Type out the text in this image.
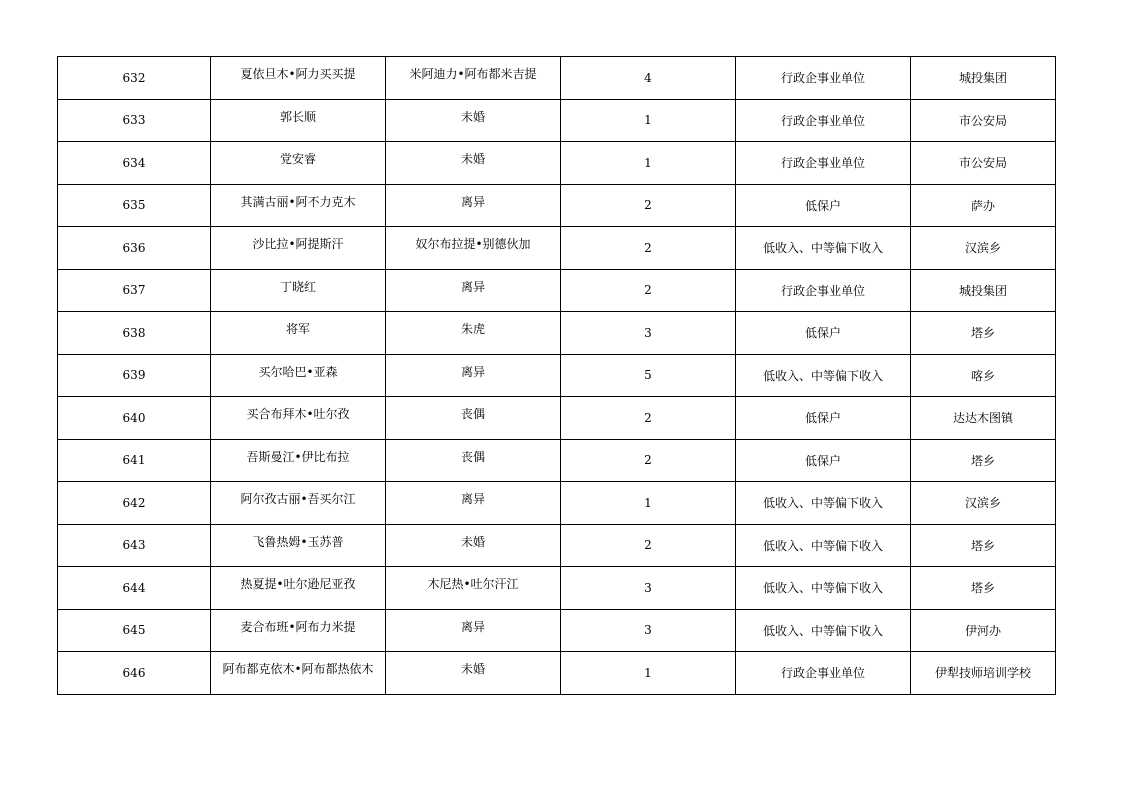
632	夏依旦木•阿力买买提	米阿迪力•阿布都米吉提	4	行政企事业单位	城投集团
633	郭长顺	未婚	1	行政企事业单位	市公安局
634	党安睿	未婚	1	行政企事业单位	市公安局
635	其满古丽•阿不力克木	离异	2	低保户	萨办
636	沙比拉•阿提斯汗	奴尔布拉提•别德伙加	2	低收入、中等偏下收入	汉滨乡
637	丁晓红	离异	2	行政企事业单位	城投集团
638	将军	朱虎	3	低保户	塔乡
639	买尔哈巴•亚森	离异	5	低收入、中等偏下收入	喀乡
640	买合布拜木•吐尔孜	丧偶	2	低保户	达达木图镇
641	吾斯曼江•伊比布拉	丧偶	2	低保户	塔乡
642	阿尔孜古丽•吾买尔江	离异	1	低收入、中等偏下收入	汉滨乡
643	飞鲁热姆•玉苏普	未婚	2	低收入、中等偏下收入	塔乡
644	热夏提•吐尔逊尼亚孜	木尼热•吐尔汗江	3	低收入、中等偏下收入	塔乡
645	麦合布班•阿布力米提	离异	3	低收入、中等偏下收入	伊河办
646	阿布都克依木•阿布都热依木	未婚	1	行政企事业单位	伊犁技师培训学校
